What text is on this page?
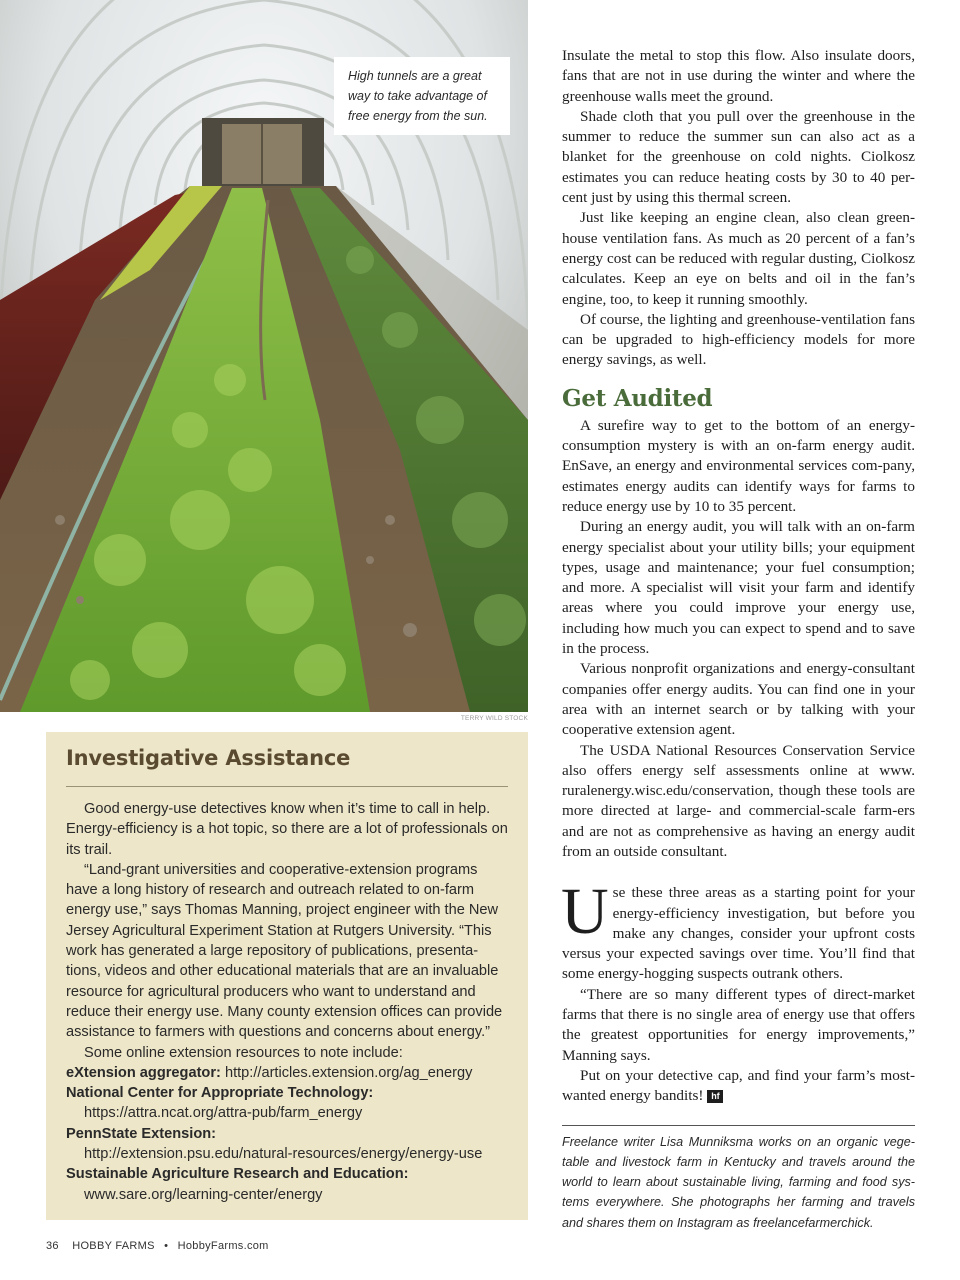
High tunnels are a great way to take advantage of free energy from the sun.
TERRY WILD STOCK
Investigative Assistance

Good energy-use detectives know when it’s time to call in help. Energy-efficiency is a hot topic, so there are a lot of professionals on its trail.

“Land-grant universities and cooperative-extension programs have a long history of research and outreach related to on-farm energy use,” says Thomas Manning, project engineer with the New Jersey Agricultural Experiment Station at Rutgers University. “This work has generated a large repository of publications, presenta-tions, videos and other educational materials that are an invaluable resource for agricultural producers who want to understand and reduce their energy use. Many county extension offices can provide assistance to farmers with questions and concerns about energy.”

Some online extension resources to note include:

eXtension aggregator: http://articles.extension.org/ag_energy

National Center for Appropriate Technology:

https://attra.ncat.org/attra-pub/farm_energy

PennState Extension:

http://extension.psu.edu/natural-resources/energy/energy-use

Sustainable Agriculture Research and Education:

www.sare.org/learning-center/energy

Insulate the metal to stop this flow. Also insulate doors, fans that are not in use during the winter and where the greenhouse walls meet the ground.

Shade cloth that you pull over the greenhouse in the summer to reduce the summer sun can also act as a blanket for the greenhouse on cold nights. Ciolkosz estimates you can reduce heating costs by 30 to 40 per-cent just by using this thermal screen.

Just like keeping an engine clean, also clean green-house ventilation fans. As much as 20 percent of a fan’s energy cost can be reduced with regular dusting, Ciolkosz calculates. Keep an eye on belts and oil in the fan’s engine, too, to keep it running smoothly.

Of course, the lighting and greenhouse-ventilation fans can be upgraded to high-efficiency models for more energy savings, as well.

Get Audited

A surefire way to get to the bottom of an energy-consumption mystery is with an on-farm energy audit. EnSave, an energy and environmental services com-pany, estimates energy audits can identify ways for farms to reduce energy use by 10 to 35 percent.

During an energy audit, you will talk with an on-farm energy specialist about your utility bills; your equipment types, usage and maintenance; your fuel consumption; and more. A specialist will visit your farm and identify areas where you could improve your energy use, including how much you can expect to spend and to save in the process.

Various nonprofit organizations and energy-consultant companies offer energy audits. You can find one in your area with an internet search or by talking with your cooperative extension agent.

The USDA National Resources Conservation Service also offers energy self assessments online at www. ruralenergy.wisc.edu/conservation, though these tools are more directed at large- and commercial-scale farm-ers and are not as comprehensive as having an energy audit from an outside consultant.

Use these three areas as a starting point for your energy-efficiency investigation, but before you make any changes, consider your upfront costs versus your expected savings over time. You’ll find that some energy-hogging suspects outrank others.

“There are so many different types of direct-market farms that there is no single area of energy use that offers the greatest opportunities for energy improvements,” Manning says.

Put on your detective cap, and find your farm’s most-wanted energy bandits! hf

Freelance writer Lisa Munniksma works on an organic vege-table and livestock farm in Kentucky and travels around the world to learn about sustainable living, farming and food sys-tems everywhere. She photographs her farming and travels and shares them on Instagram as freelancefarmerchick.

36 HOBBY FARMS • HobbyFarms.com
